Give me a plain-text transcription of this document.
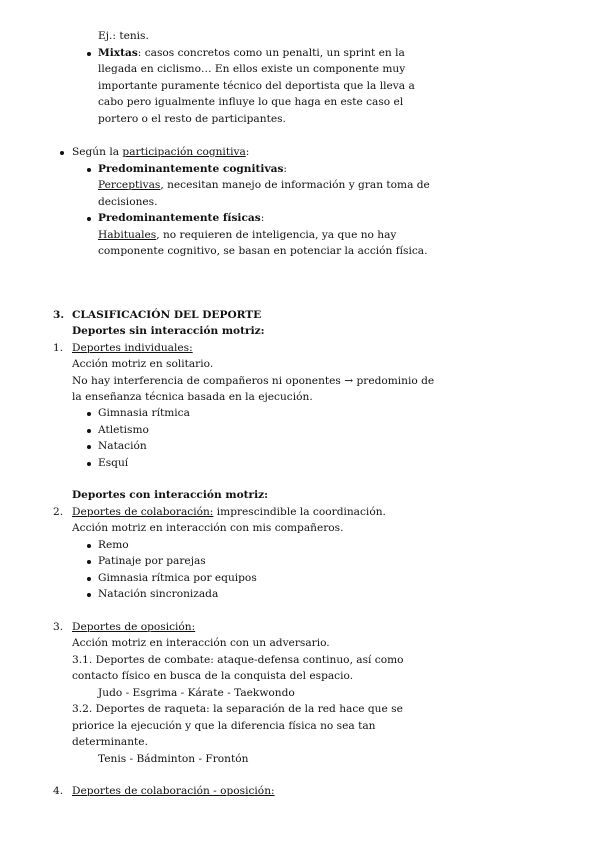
Ej.: tenis.
Mixtas: casos concretos como un penalti, un sprint en la
llegada en ciclismo… En ellos existe un componente muy
importante puramente técnico del deportista que la lleva a
cabo pero igualmente influye lo que haga en este caso el
portero o el resto de participantes.
Según la participación cognitiva:
Predominantemente cognitivas:
Perceptivas, necesitan manejo de información y gran toma de
decisiones.
Predominantemente físicas:
Habituales, no requieren de inteligencia, ya que no hay
componente cognitivo, se basan en potenciar la acción física.
3. CLASIFICACIÓN DEL DEPORTE
Deportes sin interacción motriz:
1. Deportes individuales:
Acción motriz en solitario.
No hay interferencia de compañeros ni oponentes → predominio de
la enseñanza técnica basada en la ejecución.
Gimnasia rítmica
Atletismo
Natación
Esquí
Deportes con interacción motriz:
2. Deportes de colaboración: imprescindible la coordinación.
Acción motriz en interacción con mis compañeros.
Remo
Patinaje por parejas
Gimnasia rítmica por equipos
Natación sincronizada
3. Deportes de oposición:
Acción motriz en interacción con un adversario.
3.1. Deportes de combate: ataque-defensa continuo, así como
contacto físico en busca de la conquista del espacio.
Judo - Esgrima - Kárate - Taekwondo
3.2. Deportes de raqueta: la separación de la red hace que se
priorice la ejecución y que la diferencia física no sea tan
determinante.
Tenis - Bádminton - Frontón
4. Deportes de colaboración - oposición:
